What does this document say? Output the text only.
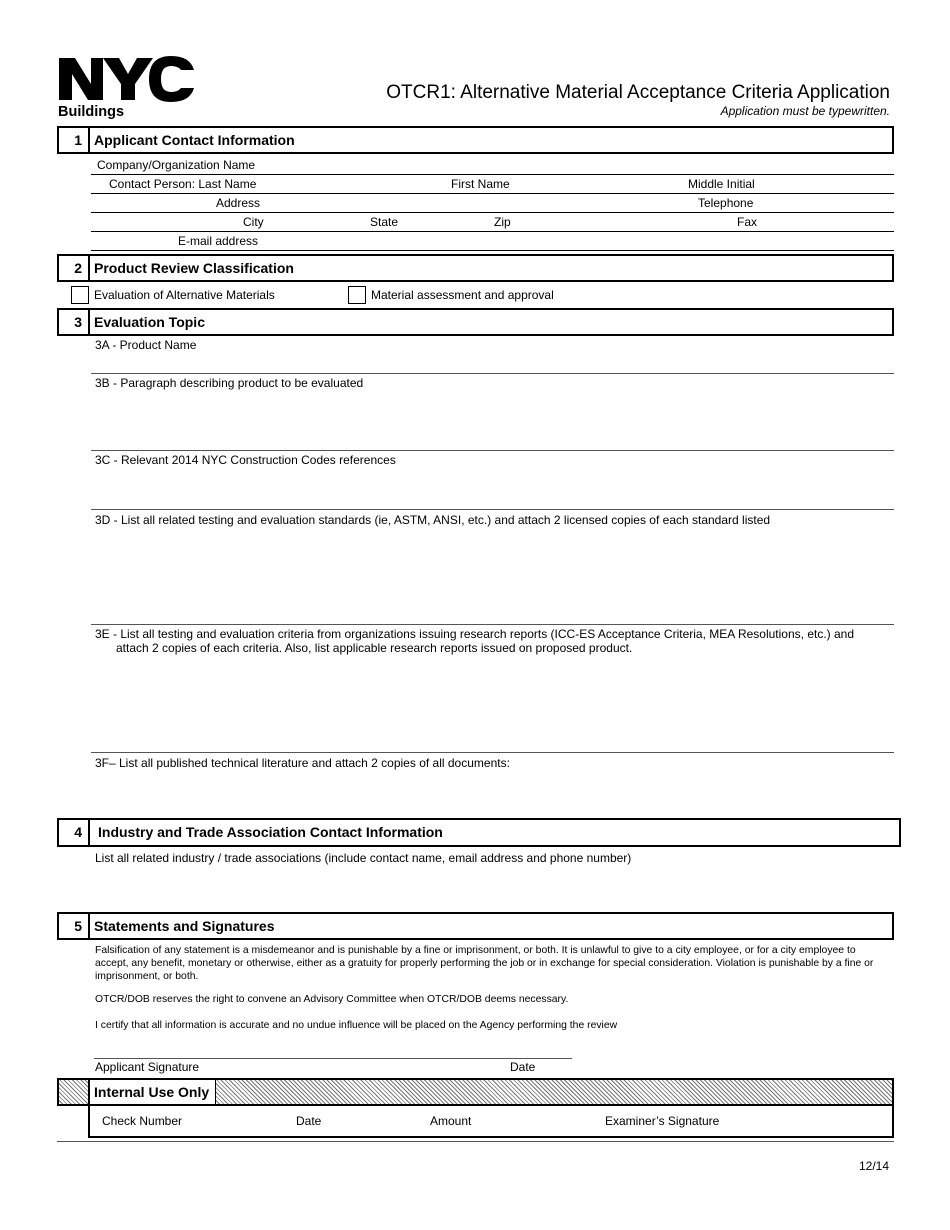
Buildings
OTCR1: Alternative Material Acceptance Criteria Application
Application must be typewritten.
1 Applicant Contact Information
Company/Organization Name
Contact Person: Last Name	First Name	Middle Initial
Address	Telephone
City	State	Zip	Fax
E-mail address
2 Product Review Classification
Evaluation of Alternative Materials	Material assessment and approval
3 Evaluation Topic
3A - Product Name
3B - Paragraph describing product to be evaluated
3C - Relevant 2014 NYC Construction Codes references
3D - List all related testing and evaluation standards (ie, ASTM, ANSI, etc.) and attach 2 licensed copies of each standard listed
3E - List all testing and evaluation criteria from organizations issuing research reports (ICC-ES Acceptance Criteria, MEA Resolutions, etc.) and
attach 2 copies of each criteria. Also, list applicable research reports issued on proposed product.
3F– List all published technical literature and attach 2 copies of all documents:
4	Industry and Trade Association Contact Information
List all related industry / trade associations (include contact name, email address and phone number)
5 Statements and Signatures
Falsification of any statement is a misdemeanor and is punishable by a fine or imprisonment, or both. It is unlawful to give to a city employee, or for a city employee to accept, any benefit, monetary or otherwise, either as a gratuity for properly performing the job or in exchange for special consideration. Violation is punishable by a fine or imprisonment, or both.
OTCR/DOB reserves the right to convene an Advisory Committee when OTCR/DOB deems necessary.
I certify that all information is accurate and no undue influence will be placed on the Agency performing the review
Applicant Signature	Date
Internal Use Only
Check Number	Date	Amount	Examiner’s Signature
12/14
